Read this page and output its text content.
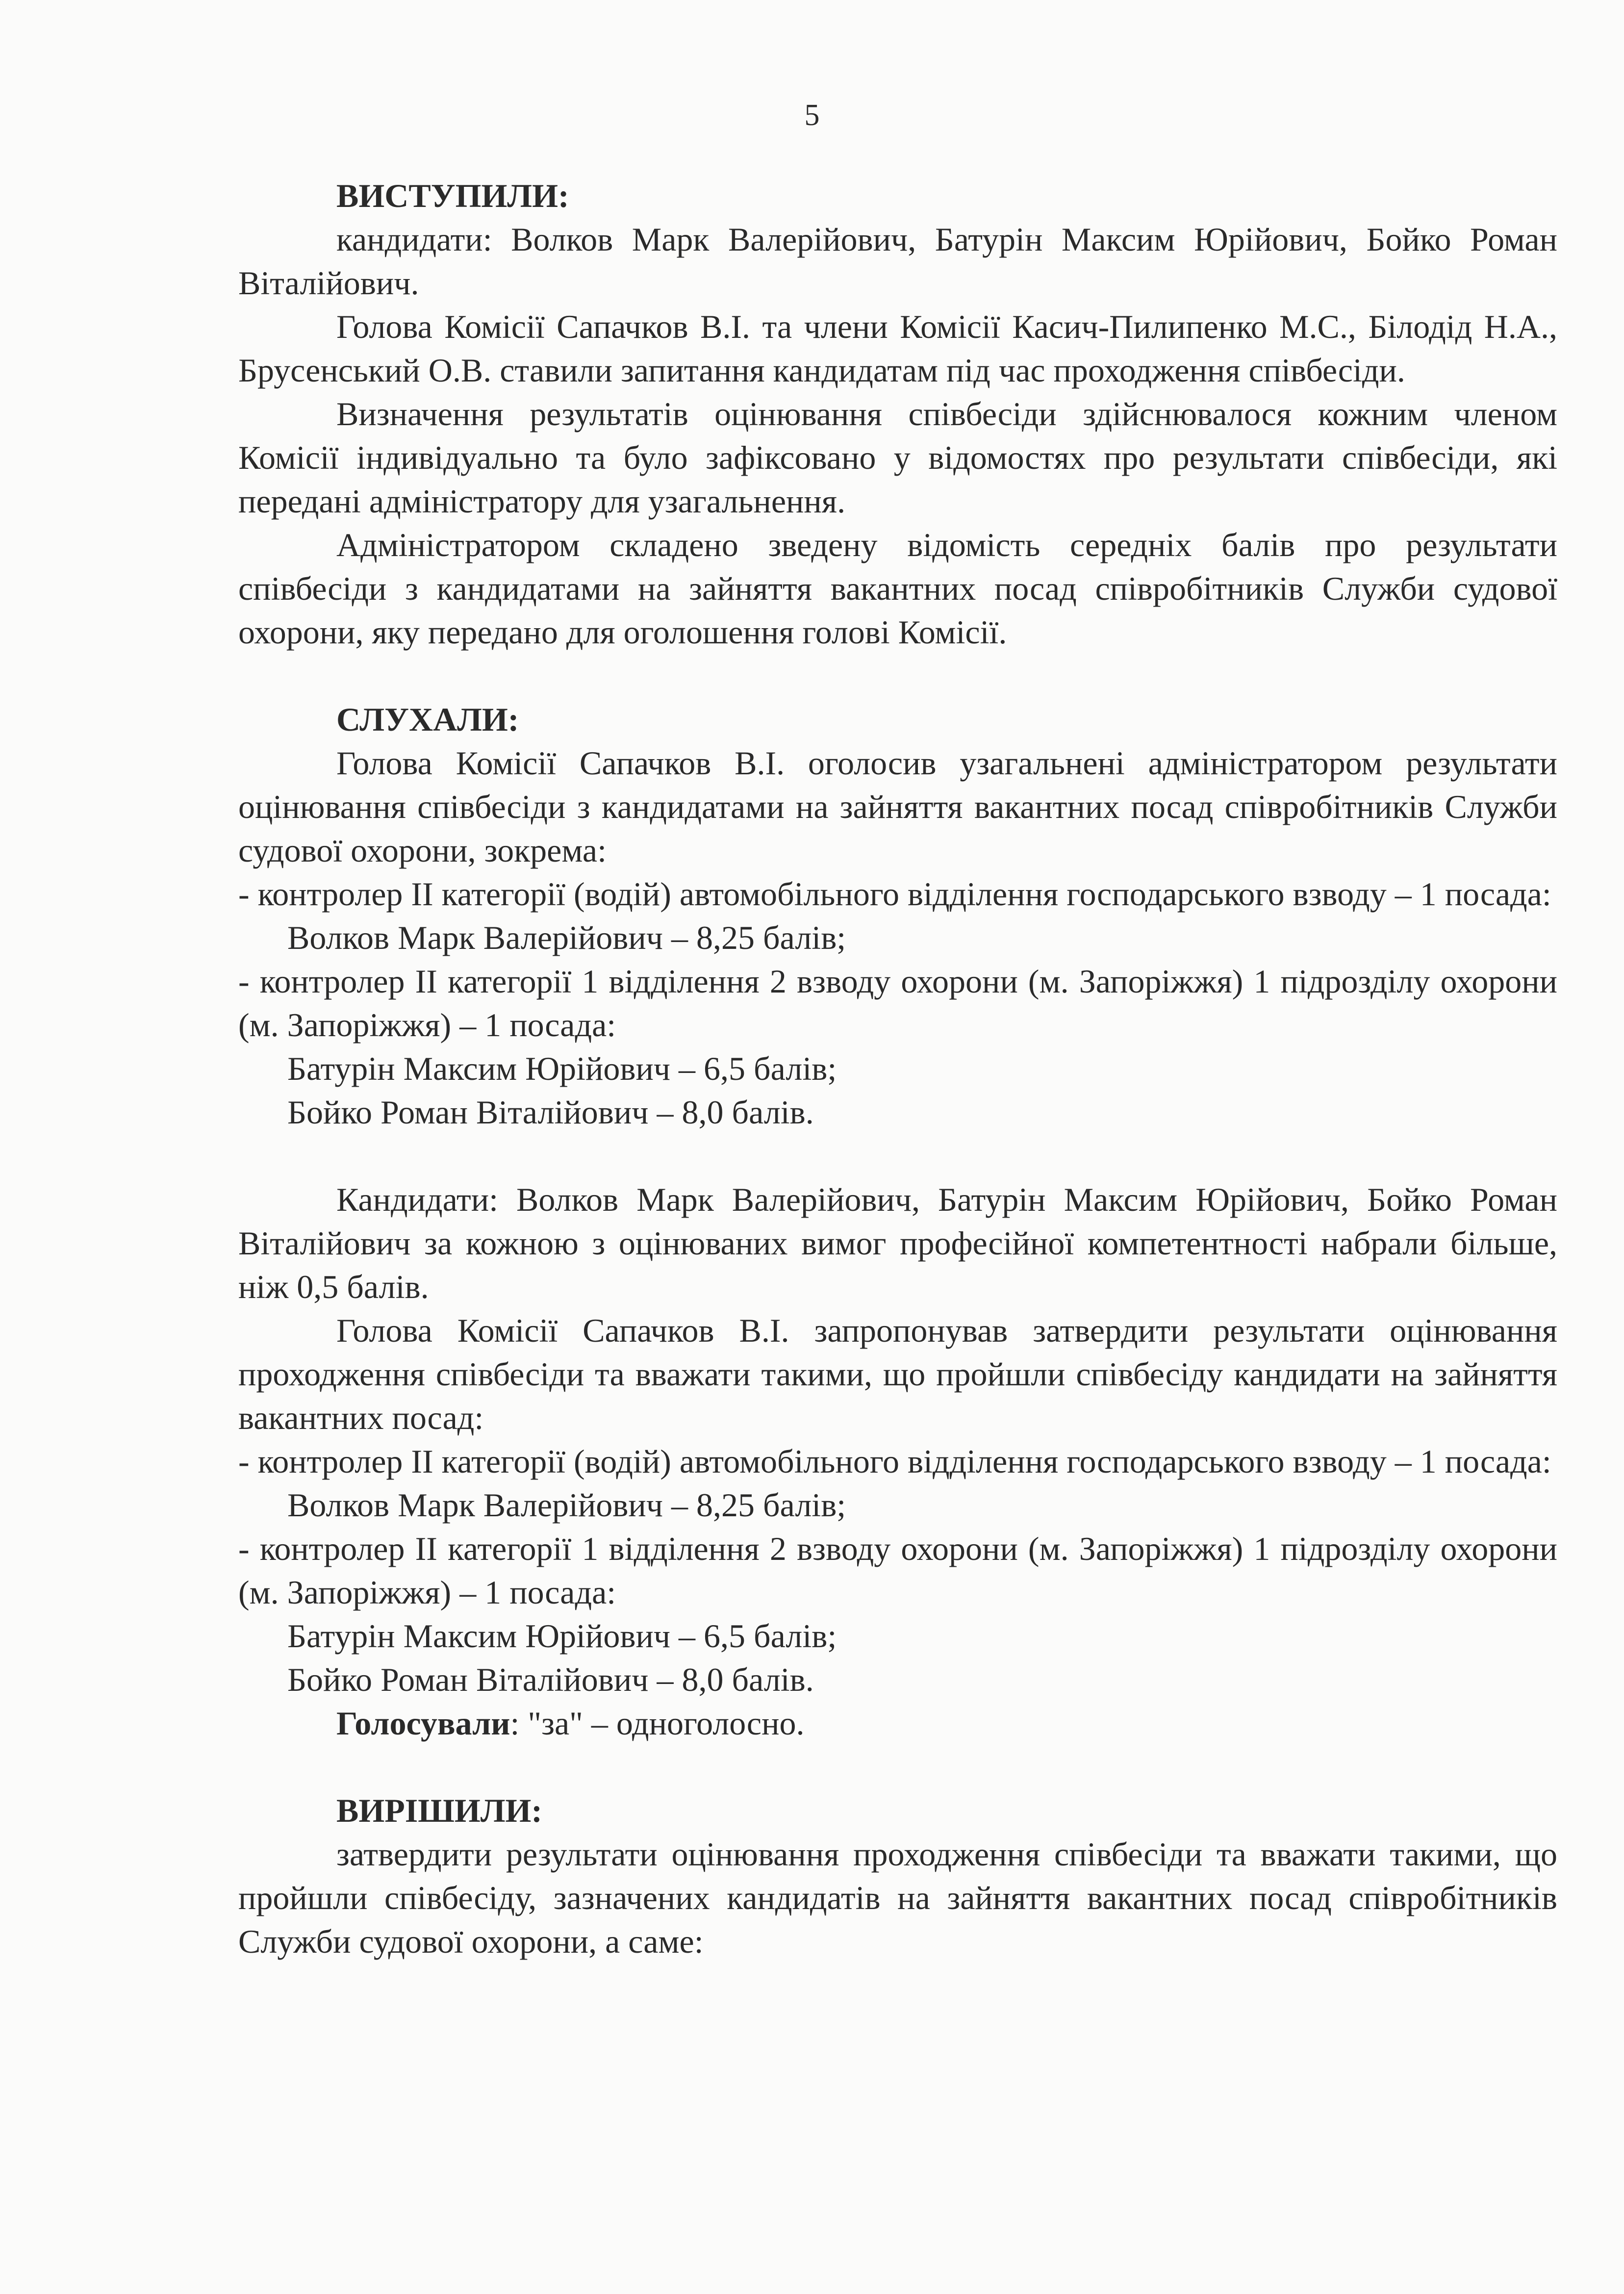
5

ВИСТУПИЛИ:

кандидати: Волков Марк Валерійович, Батурін Максим Юрійович, Бойко Роман Віталійович.

Голова Комісії Сапачков В.І. та члени Комісії Касич-Пилипенко М.С., Білодід Н.А., Брусенський О.В. ставили запитання кандидатам під час проходження співбесіди.

Визначення результатів оцінювання співбесіди здійснювалося кожним членом Комісії індивідуально та було зафіксовано у відомостях про результати співбесіди, які передані адміністратору для узагальнення.

Адміністратором складено зведену відомість середніх балів про результати співбесіди з кандидатами на зайняття вакантних посад співробітників Служби судової охорони, яку передано для оголошення голові Комісії.

СЛУХАЛИ:

Голова Комісії Сапачков В.І. оголосив узагальнені адміністратором результати оцінювання співбесіди з кандидатами на зайняття вакантних посад співробітників Служби судової охорони, зокрема:

- контролер II категорії (водій) автомобільного відділення господарського взводу – 1 посада:

Волков Марк Валерійович – 8,25 балів;

- контролер II категорії 1 відділення 2 взводу охорони (м. Запоріжжя) 1 підрозділу охорони (м. Запоріжжя) – 1 посада:

Батурін Максим Юрійович – 6,5 балів;

Бойко Роман Віталійович – 8,0 балів.

Кандидати: Волков Марк Валерійович, Батурін Максим Юрійович, Бойко Роман Віталійович за кожною з оцінюваних вимог професійної компетентності набрали більше, ніж 0,5 балів.

Голова Комісії Сапачков В.І. запропонував затвердити результати оцінювання проходження співбесіди та вважати такими, що пройшли співбесіду кандидати на зайняття вакантних посад:

- контролер II категорії (водій) автомобільного відділення господарського взводу – 1 посада:

Волков Марк Валерійович – 8,25 балів;

- контролер II категорії 1 відділення 2 взводу охорони (м. Запоріжжя) 1 підрозділу охорони (м. Запоріжжя) – 1 посада:

Батурін Максим Юрійович – 6,5 балів;

Бойко Роман Віталійович – 8,0 балів.

Голосували: "за" – одноголосно.

ВИРІШИЛИ:

затвердити результати оцінювання проходження співбесіди та вважати такими, що пройшли співбесіду, зазначених кандидатів на зайняття вакантних посад співробітників Служби судової охорони, а саме:
